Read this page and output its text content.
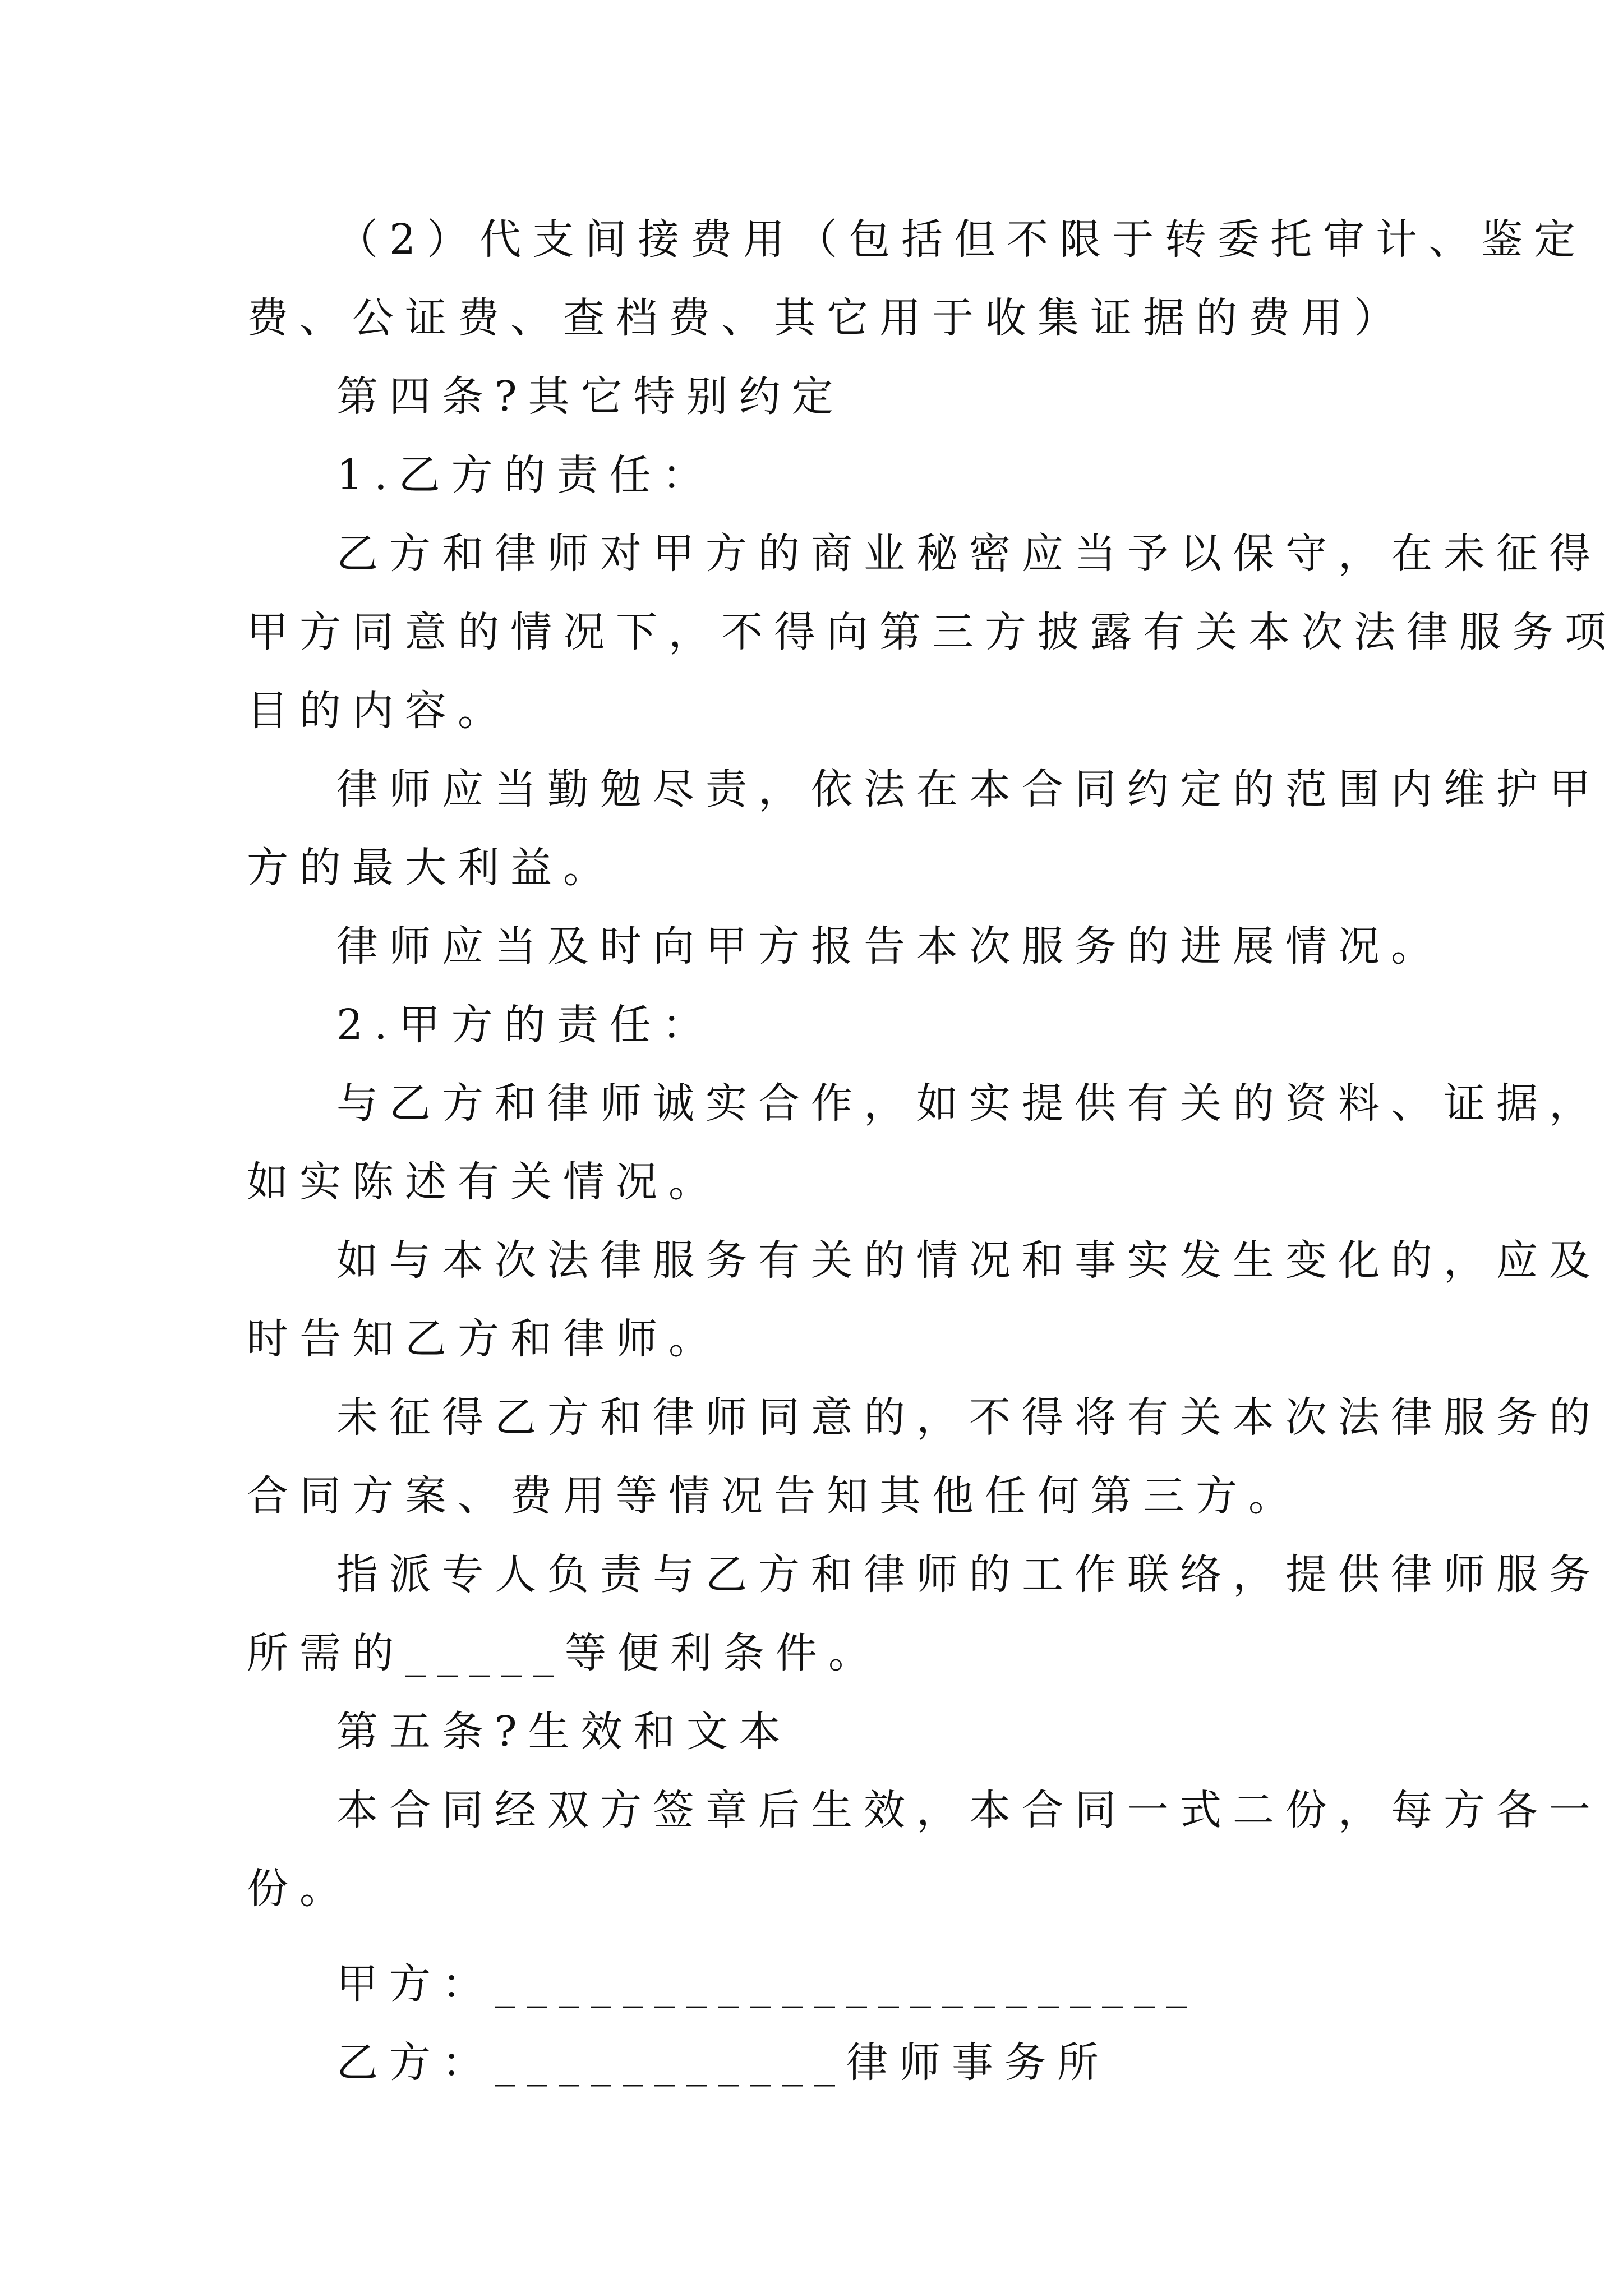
（2）代支间接费用（包括但不限于转委托审计、鉴定
费、公证费、查档费、其它用于收集证据的费用）
第四条?其它特别约定
1.乙方的责任：
乙方和律师对甲方的商业秘密应当予以保守，在未征得
甲方同意的情况下，不得向第三方披露有关本次法律服务项
目的内容。
律师应当勤勉尽责，依法在本合同约定的范围内维护甲
方的最大利益。
律师应当及时向甲方报告本次服务的进展情况。
2.甲方的责任：
与乙方和律师诚实合作，如实提供有关的资料、证据，
如实陈述有关情况。
如与本次法律服务有关的情况和事实发生变化的，应及
时告知乙方和律师。
未征得乙方和律师同意的，不得将有关本次法律服务的
合同方案、费用等情况告知其他任何第三方。
指派专人负责与乙方和律师的工作联络，提供律师服务
所需的_____等便利条件。
第五条?生效和文本
本合同经双方签章后生效，本合同一式二份，每方各一
份。
甲方：______________________
乙方：___________律师事务所
